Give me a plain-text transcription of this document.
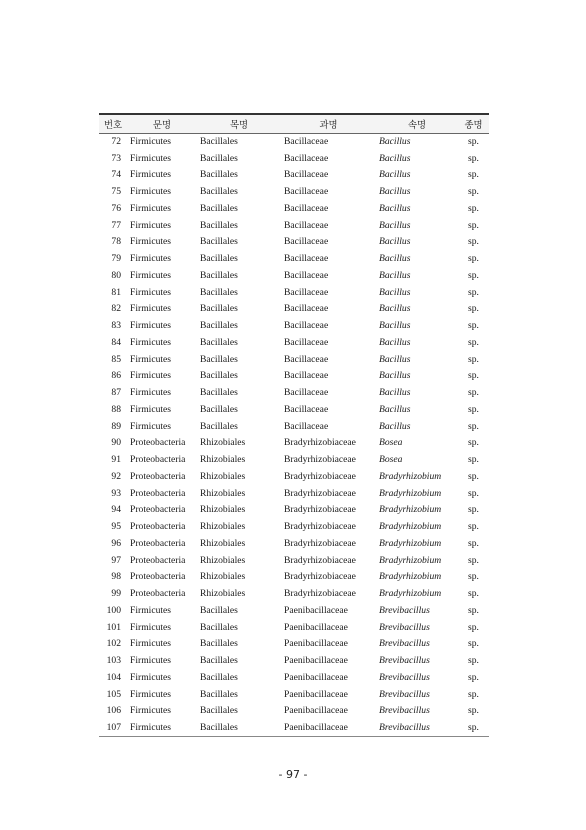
번호	문명	목명	과명	속명	종명
72	Firmicutes	Bacillales	Bacillaceae	Bacillus	sp.
73	Firmicutes	Bacillales	Bacillaceae	Bacillus	sp.
74	Firmicutes	Bacillales	Bacillaceae	Bacillus	sp.
75	Firmicutes	Bacillales	Bacillaceae	Bacillus	sp.
76	Firmicutes	Bacillales	Bacillaceae	Bacillus	sp.
77	Firmicutes	Bacillales	Bacillaceae	Bacillus	sp.
78	Firmicutes	Bacillales	Bacillaceae	Bacillus	sp.
79	Firmicutes	Bacillales	Bacillaceae	Bacillus	sp.
80	Firmicutes	Bacillales	Bacillaceae	Bacillus	sp.
81	Firmicutes	Bacillales	Bacillaceae	Bacillus	sp.
82	Firmicutes	Bacillales	Bacillaceae	Bacillus	sp.
83	Firmicutes	Bacillales	Bacillaceae	Bacillus	sp.
84	Firmicutes	Bacillales	Bacillaceae	Bacillus	sp.
85	Firmicutes	Bacillales	Bacillaceae	Bacillus	sp.
86	Firmicutes	Bacillales	Bacillaceae	Bacillus	sp.
87	Firmicutes	Bacillales	Bacillaceae	Bacillus	sp.
88	Firmicutes	Bacillales	Bacillaceae	Bacillus	sp.
89	Firmicutes	Bacillales	Bacillaceae	Bacillus	sp.
90	Proteobacteria	Rhizobiales	Bradyrhizobiaceae	Bosea	sp.
91	Proteobacteria	Rhizobiales	Bradyrhizobiaceae	Bosea	sp.
92	Proteobacteria	Rhizobiales	Bradyrhizobiaceae	Bradyrhizobium	sp.
93	Proteobacteria	Rhizobiales	Bradyrhizobiaceae	Bradyrhizobium	sp.
94	Proteobacteria	Rhizobiales	Bradyrhizobiaceae	Bradyrhizobium	sp.
95	Proteobacteria	Rhizobiales	Bradyrhizobiaceae	Bradyrhizobium	sp.
96	Proteobacteria	Rhizobiales	Bradyrhizobiaceae	Bradyrhizobium	sp.
97	Proteobacteria	Rhizobiales	Bradyrhizobiaceae	Bradyrhizobium	sp.
98	Proteobacteria	Rhizobiales	Bradyrhizobiaceae	Bradyrhizobium	sp.
99	Proteobacteria	Rhizobiales	Bradyrhizobiaceae	Bradyrhizobium	sp.
100	Firmicutes	Bacillales	Paenibacillaceae	Brevibacillus	sp.
101	Firmicutes	Bacillales	Paenibacillaceae	Brevibacillus	sp.
102	Firmicutes	Bacillales	Paenibacillaceae	Brevibacillus	sp.
103	Firmicutes	Bacillales	Paenibacillaceae	Brevibacillus	sp.
104	Firmicutes	Bacillales	Paenibacillaceae	Brevibacillus	sp.
105	Firmicutes	Bacillales	Paenibacillaceae	Brevibacillus	sp.
106	Firmicutes	Bacillales	Paenibacillaceae	Brevibacillus	sp.
107	Firmicutes	Bacillales	Paenibacillaceae	Brevibacillus	sp.
- 97 -
